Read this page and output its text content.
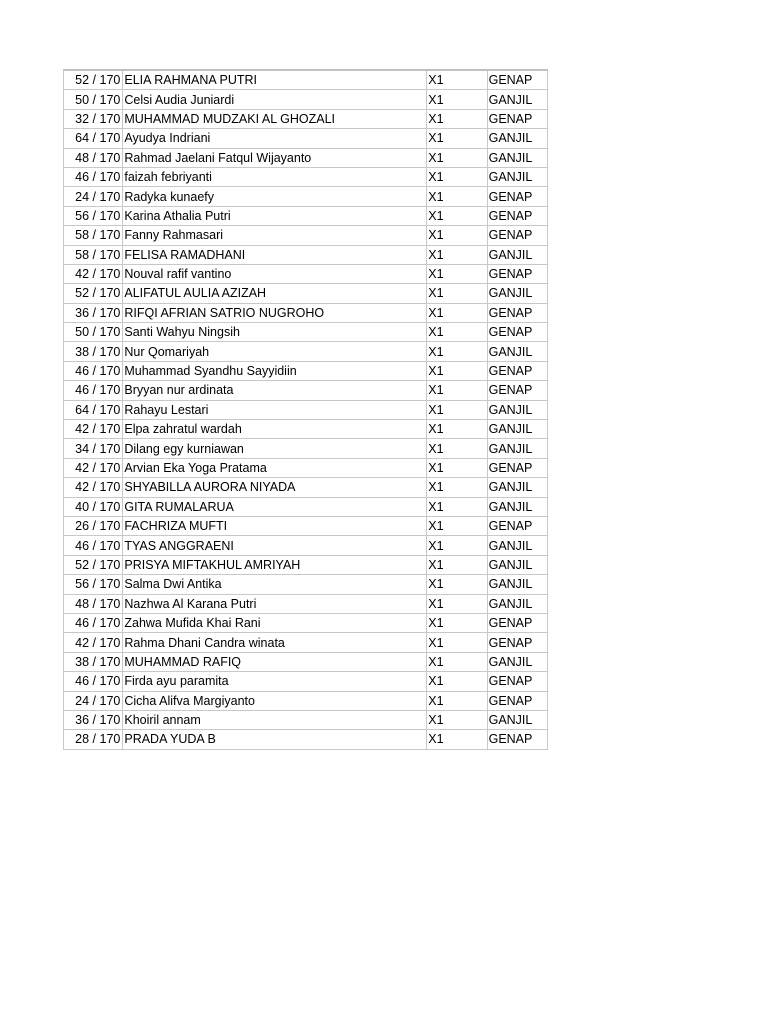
52 / 170	ELIA RAHMANA PUTRI	X1	GENAP
50 / 170	Celsi Audia Juniardi	X1	GANJIL
32 / 170	MUHAMMAD MUDZAKI AL GHOZALI	X1	GENAP
64 / 170	Ayudya Indriani	X1	GANJIL
48 / 170	Rahmad Jaelani Fatqul Wijayanto	X1	GANJIL
46 / 170	faizah febriyanti	X1	GANJIL
24 / 170	Radyka kunaefy	X1	GENAP
56 / 170	Karina Athalia Putri	X1	GENAP
58 / 170	Fanny Rahmasari	X1	GENAP
58 / 170	FELISA RAMADHANI	X1	GANJIL
42 / 170	Nouval rafif vantino	X1	GENAP
52 / 170	ALIFATUL AULIA AZIZAH	X1	GANJIL
36 / 170	RIFQI AFRIAN SATRIO NUGROHO	X1	GENAP
50 / 170	Santi Wahyu Ningsih	X1	GENAP
38 / 170	Nur Qomariyah	X1	GANJIL
46 / 170	Muhammad Syandhu Sayyidiin	X1	GENAP
46 / 170	Bryyan nur ardinata	X1	GENAP
64 / 170	Rahayu Lestari	X1	GANJIL
42 / 170	Elpa zahratul wardah	X1	GANJIL
34 / 170	Dilang egy kurniawan	X1	GANJIL
42 / 170	Arvian Eka Yoga Pratama	X1	GENAP
42 / 170	SHYABILLA AURORA NIYADA	X1	GANJIL
40 / 170	GITA RUMALARUA	X1	GANJIL
26 / 170	FACHRIZA MUFTI	X1	GENAP
46 / 170	TYAS ANGGRAENI	X1	GANJIL
52 / 170	PRISYA MIFTAKHUL AMRIYAH	X1	GANJIL
56 / 170	Salma Dwi Antika	X1	GANJIL
48 / 170	Nazhwa Al Karana Putri	X1	GANJIL
46 / 170	Zahwa Mufida Khai Rani	X1	GENAP
42 / 170	Rahma Dhani Candra winata	X1	GENAP
38 / 170	MUHAMMAD RAFIQ	X1	GANJIL
46 / 170	Firda ayu paramita	X1	GENAP
24 / 170	Cicha Alifva Margiyanto	X1	GENAP
36 / 170	Khoiril annam	X1	GANJIL
28 / 170	PRADA YUDA B	X1	GENAP
